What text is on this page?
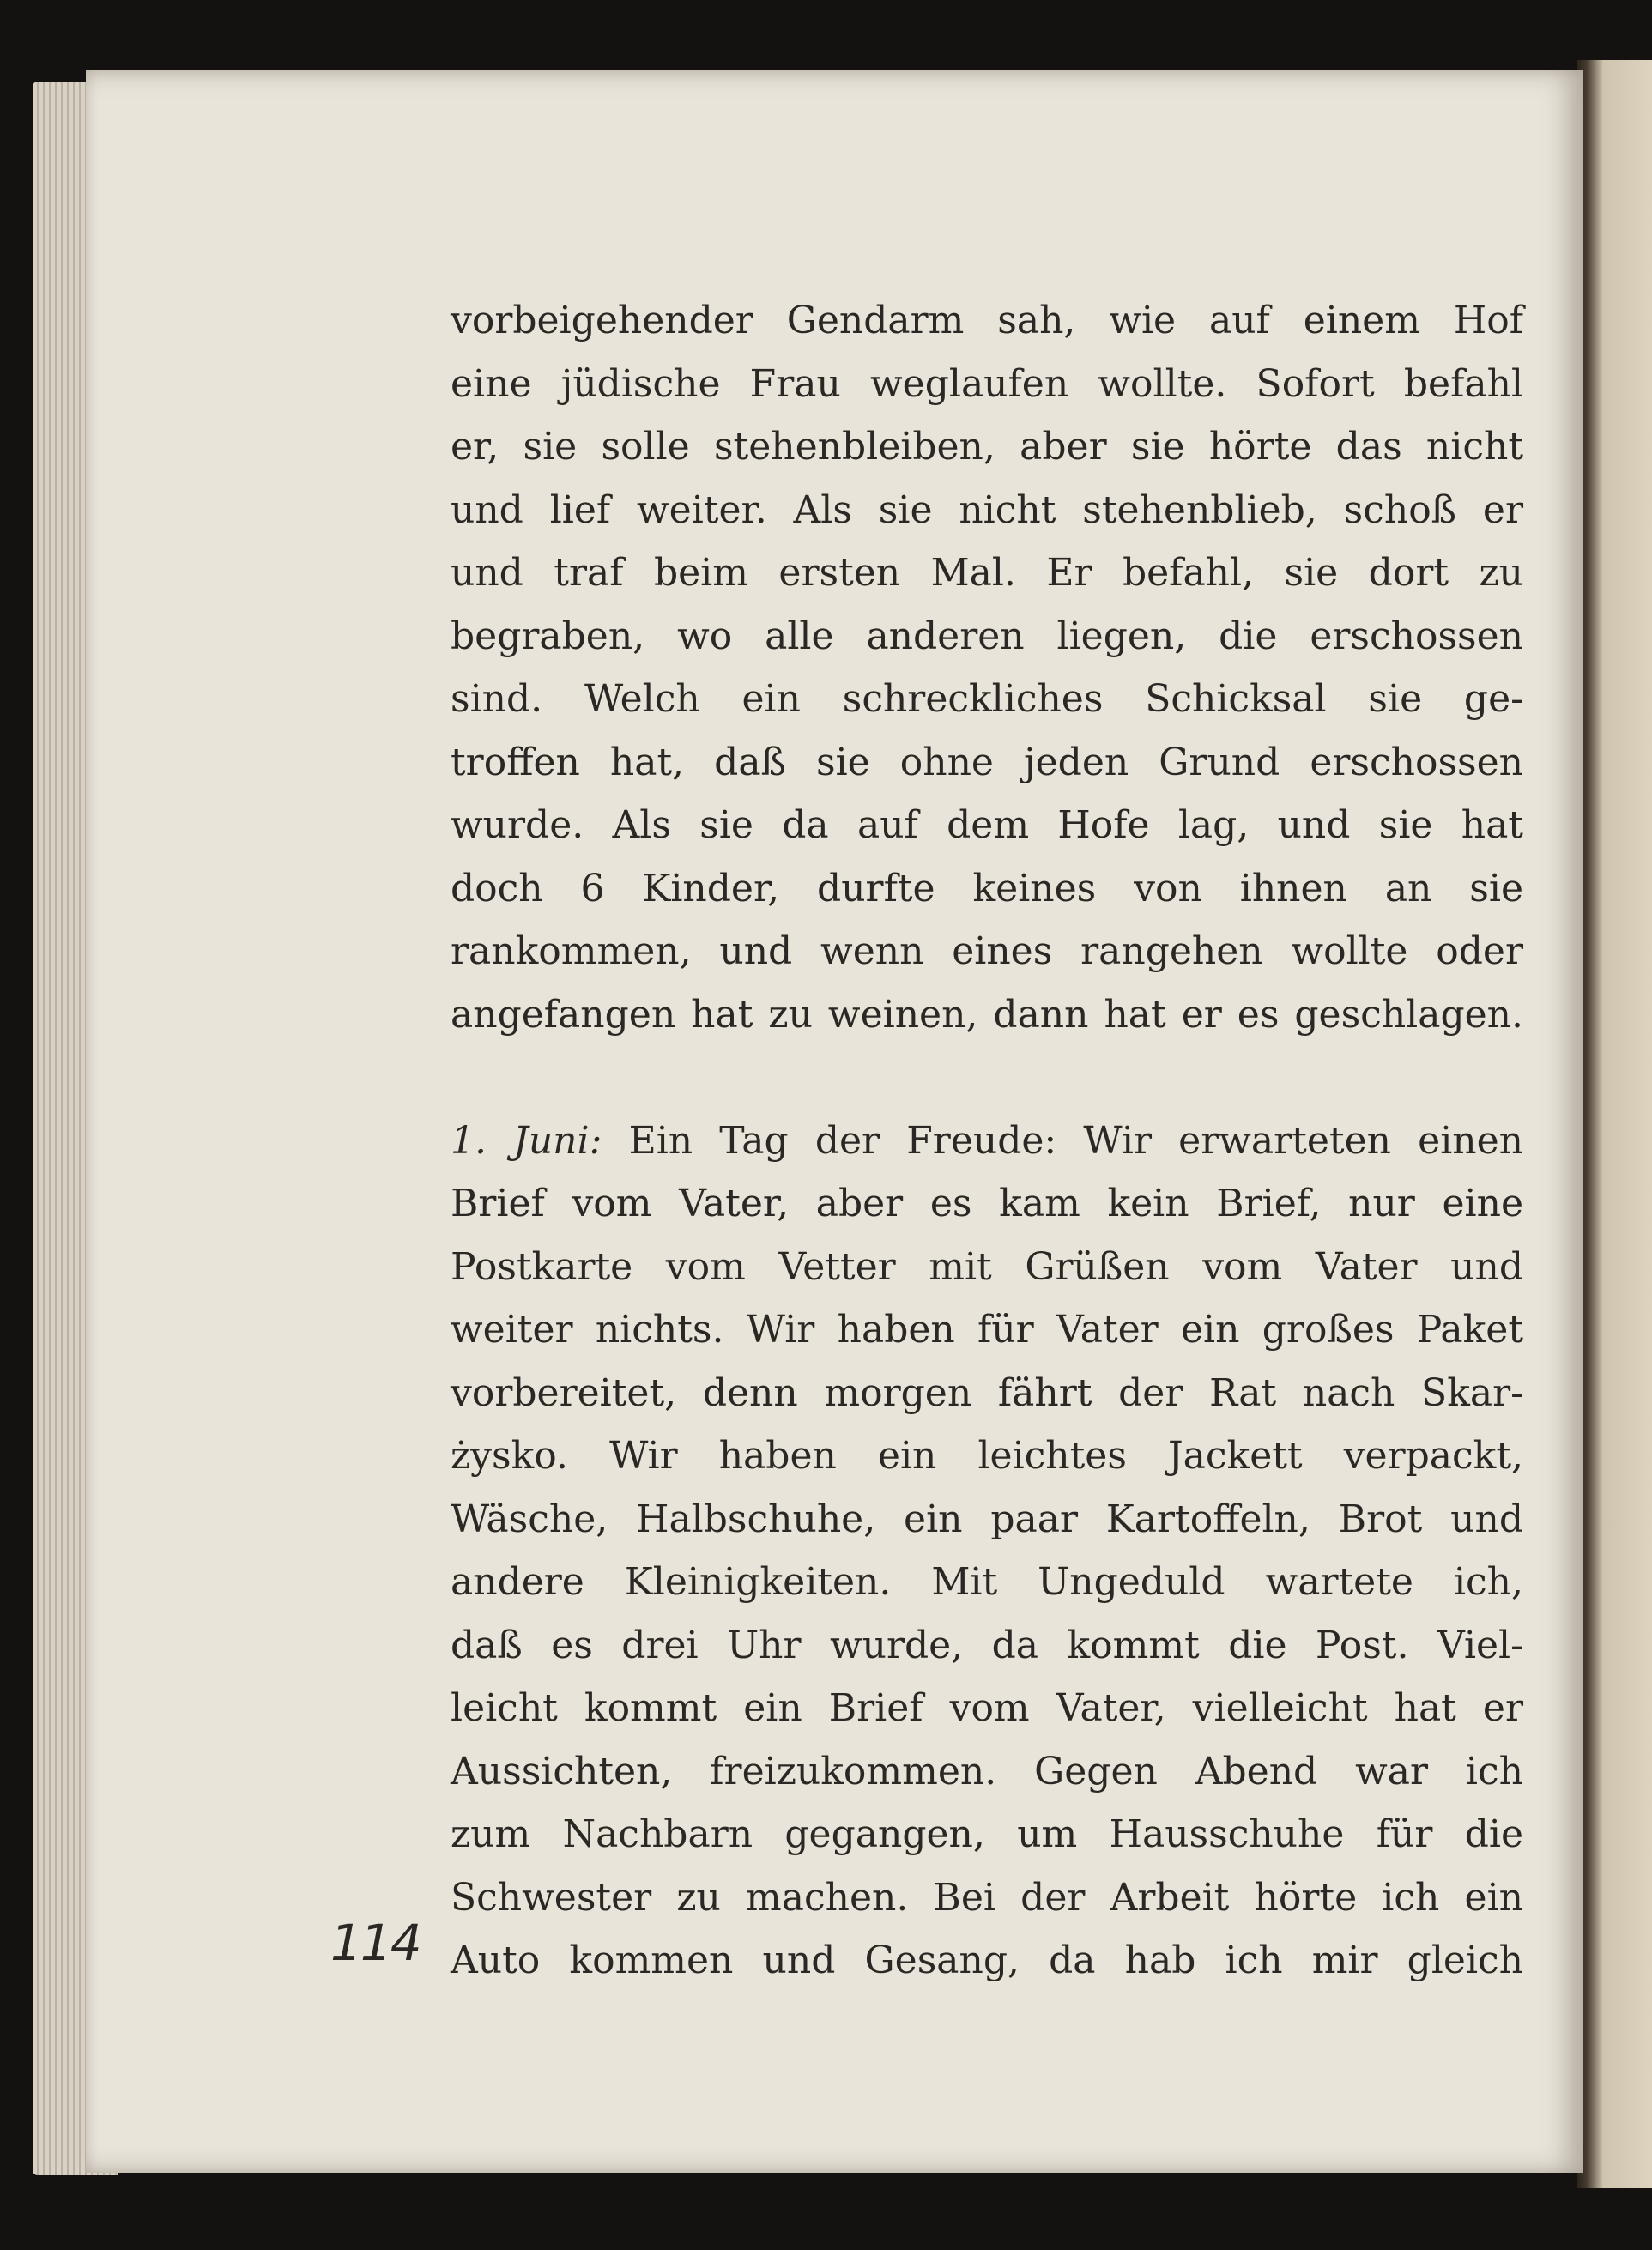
vorbeigehender Gendarm sah, wie auf einem Hof
eine jüdische Frau weglaufen wollte. Sofort befahl
er, sie solle stehenbleiben, aber sie hörte das nicht
und lief weiter. Als sie nicht stehenblieb, schoß er
und traf beim ersten Mal. Er befahl, sie dort zu
begraben, wo alle anderen liegen, die erschossen
sind. Welch ein schreckliches Schicksal sie ge-
troffen hat, daß sie ohne jeden Grund erschossen
wurde. Als sie da auf dem Hofe lag, und sie hat
doch 6 Kinder, durfte keines von ihnen an sie
rankommen, und wenn eines rangehen wollte oder
angefangen hat zu weinen, dann hat er es geschlagen.
1. Juni: Ein Tag der Freude: Wir erwarteten einen
Brief vom Vater, aber es kam kein Brief, nur eine
Postkarte vom Vetter mit Grüßen vom Vater und
weiter nichts. Wir haben für Vater ein großes Paket
vorbereitet, denn morgen fährt der Rat nach Skar-
żysko. Wir haben ein leichtes Jackett verpackt,
Wäsche, Halbschuhe, ein paar Kartoffeln, Brot und
andere Kleinigkeiten. Mit Ungeduld wartete ich,
daß es drei Uhr wurde, da kommt die Post. Viel-
leicht kommt ein Brief vom Vater, vielleicht hat er
Aussichten, freizukommen. Gegen Abend war ich
zum Nachbarn gegangen, um Hausschuhe für die
Schwester zu machen. Bei der Arbeit hörte ich ein
Auto kommen und Gesang, da hab ich mir gleich
114
